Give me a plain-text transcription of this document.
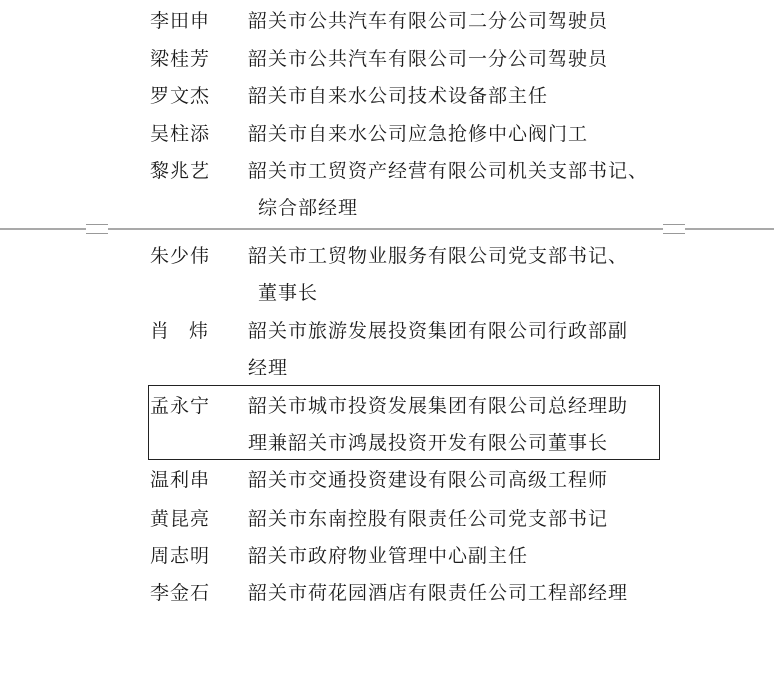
李田申	韶关市公共汽车有限公司二分公司驾驶员
梁桂芳	韶关市公共汽车有限公司一分公司驾驶员
罗文杰	韶关市自来水公司技术设备部主任
吴柱添	韶关市自来水公司应急抢修中心阀门工
黎兆艺	韶关市工贸资产经营有限公司机关支部书记、
综合部经理
朱少伟	韶关市工贸物业服务有限公司党支部书记、
董事长
肖炜 韶关市旅游发展投资集团有限公司行政部副
经理
孟永宁	韶关市城市投资发展集团有限公司总经理助
理兼韶关市鸿晟投资开发有限公司董事长
温利串	韶关市交通投资建设有限公司高级工程师
黄昆亮	韶关市东南控股有限责任公司党支部书记
周志明	韶关市政府物业管理中心副主任
李金石	韶关市荷花园酒店有限责任公司工程部经理
